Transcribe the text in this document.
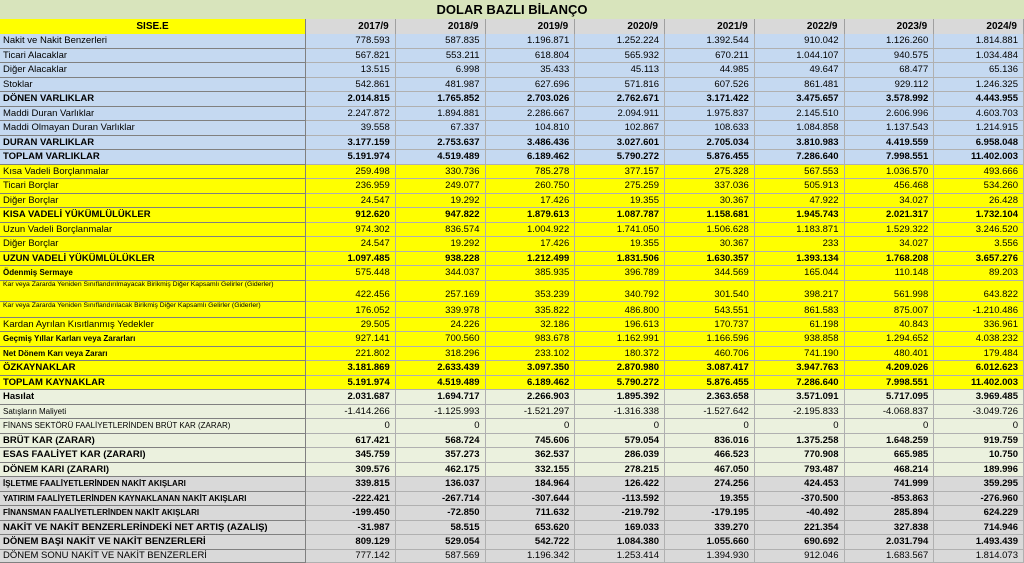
DOLAR BAZLI BİLANÇO
SISE.E	2017/9	2018/9	2019/9	2020/9	2021/9	2022/9	2023/9	2024/9
Nakit ve Nakit Benzerleri	778.593	587.835	1.196.871	1.252.224	1.392.544	910.042	1.126.260	1.814.881
Ticari Alacaklar	567.821	553.211	618.804	565.932	670.211	1.044.107	940.575	1.034.484
Diğer Alacaklar	13.515	6.998	35.433	45.113	44.985	49.647	68.477	65.136
Stoklar	542.861	481.987	627.696	571.816	607.526	861.481	929.112	1.246.325
DÖNEN VARLIKLAR	2.014.815	1.765.852	2.703.026	2.762.671	3.171.422	3.475.657	3.578.992	4.443.955
Maddi Duran Varlıklar	2.247.872	1.894.881	2.286.667	2.094.911	1.975.837	2.145.510	2.606.996	4.603.703
Maddi Olmayan Duran Varlıklar	39.558	67.337	104.810	102.867	108.633	1.084.858	1.137.543	1.214.915
DURAN VARLIKLAR	3.177.159	2.753.637	3.486.436	3.027.601	2.705.034	3.810.983	4.419.559	6.958.048
TOPLAM VARLIKLAR	5.191.974	4.519.489	6.189.462	5.790.272	5.876.455	7.286.640	7.998.551	11.402.003
Kısa Vadeli Borçlanmalar	259.498	330.736	785.278	377.157	275.328	567.553	1.036.570	493.666
Ticari Borçlar	236.959	249.077	260.750	275.259	337.036	505.913	456.468	534.260
Diğer Borçlar	24.547	19.292	17.426	19.355	30.367	47.922	34.027	26.428
KISA VADELİ YÜKÜMLÜLÜKLER	912.620	947.822	1.879.613	1.087.787	1.158.681	1.945.743	2.021.317	1.732.104
Uzun Vadeli Borçlanmalar	974.302	836.574	1.004.922	1.741.050	1.506.628	1.183.871	1.529.322	3.246.520
Diğer Borçlar	24.547	19.292	17.426	19.355	30.367	233	34.027	3.556
UZUN VADELİ YÜKÜMLÜLÜKLER	1.097.485	938.228	1.212.499	1.831.506	1.630.357	1.393.134	1.768.208	3.657.276
Ödenmiş Sermaye	575.448	344.037	385.935	396.789	344.569	165.044	110.148	89.203
Kar veya Zararda Yeniden Sınıflandırılmayacak Birikmiş Diğer Kapsamlı Gelirler (Giderler)
422.456	257.169	353.239	340.792	301.540	398.217	561.998	643.822
Kar veya Zararda Yeniden Sınıflandırılacak Birikmiş Diğer Kapsamlı Gelirler (Giderler)	176.052	339.978	335.822	486.800	543.551	861.583	875.007	-1.210.486
Kardan Ayrılan Kısıtlanmış Yedekler	29.505	24.226	32.186	196.613	170.737	61.198	40.843	336.961
Geçmiş Yıllar Karları veya Zararları	927.141	700.560	983.678	1.162.991	1.166.596	938.858	1.294.652	4.038.232
Net Dönem Karı veya Zararı	221.802	318.296	233.102	180.372	460.706	741.190	480.401	179.484
ÖZKAYNAKLAR	3.181.869	2.633.439	3.097.350	2.870.980	3.087.417	3.947.763	4.209.026	6.012.623
TOPLAM KAYNAKLAR	5.191.974	4.519.489	6.189.462	5.790.272	5.876.455	7.286.640	7.998.551	11.402.003
Hasılat	2.031.687	1.694.717	2.266.903	1.895.392	2.363.658	3.571.091	5.717.095	3.969.485
Satışların Maliyeti	-1.414.266	-1.125.993	-1.521.297	-1.316.338	-1.527.642	-2.195.833	-4.068.837	-3.049.726
FİNANS SEKTÖRÜ FAALİYETLERİNDEN BRÜT KAR (ZARAR)	0	0	0	0	0	0	0	0
BRÜT KAR (ZARAR)	617.421	568.724	745.606	579.054	836.016	1.375.258	1.648.259	919.759
ESAS FAALİYET KAR (ZARARI)	345.759	357.273	362.537	286.039	466.523	770.908	665.985	10.750
DÖNEM KARI (ZARARI)	309.576	462.175	332.155	278.215	467.050	793.487	468.214	189.996
İŞLETME FAALİYETLERİNDEN NAKİT AKIŞLARI	339.815	136.037	184.964	126.422	274.256	424.453	741.999	359.295
YATIRIM FAALİYETLERİNDEN KAYNAKLANAN NAKİT AKIŞLARI	-222.421	-267.714	-307.644	-113.592	19.355	-370.500	-853.863	-276.960
FİNANSMAN FAALİYETLERİNDEN NAKİT AKIŞLARI	-199.450	-72.850	711.632	-219.792	-179.195	-40.492	285.894	624.229
NAKİT VE NAKİT BENZERLERİNDEKİ NET ARTIŞ (AZALIŞ)	-31.987	58.515	653.620	169.033	339.270	221.354	327.838	714.946
DÖNEM BAŞI NAKİT VE NAKİT BENZERLERİ	809.129	529.054	542.722	1.084.380	1.055.660	690.692	2.031.794	1.493.439
DÖNEM SONU NAKİT VE NAKİT BENZERLERİ	777.142	587.569	1.196.342	1.253.414	1.394.930	912.046	1.683.567	1.814.073
